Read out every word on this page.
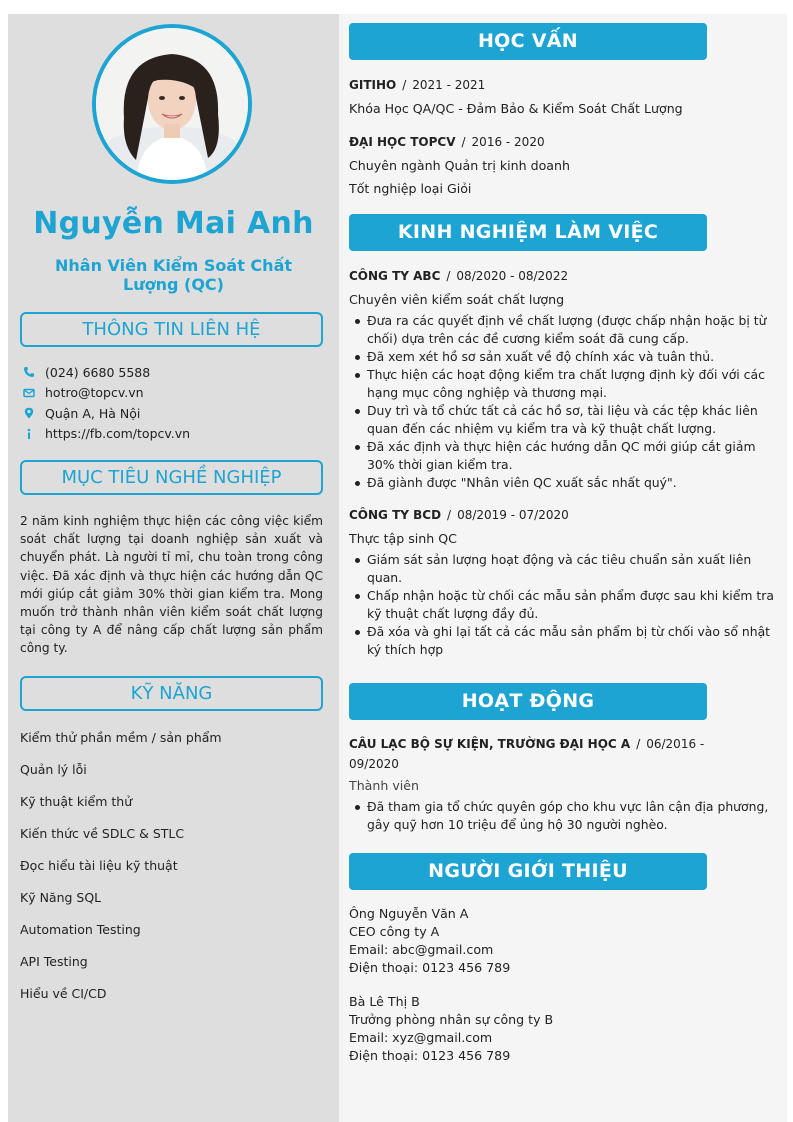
Nguyễn Mai Anh
Nhân Viên Kiểm Soát Chất Lượng (QC)
THÔNG TIN LIÊN HỆ
(024) 6680 5588
hotro@topcv.vn
Quận A, Hà Nội
https://fb.com/topcv.vn
MỤC TIÊU NGHỀ NGHIỆP
2 năm kinh nghiệm thực hiện các công việc kiểm soát chất lượng tại doanh nghiệp sản xuất và chuyển phát. Là người tỉ mỉ, chu toàn trong công việc. Đã xác định và thực hiện các hướng dẫn QC mới giúp cắt giảm 30% thời gian kiểm tra. Mong muốn trở thành nhân viên kiểm soát chất lượng tại công ty A để nâng cấp chất lượng sản phẩm công ty.
KỸ NĂNG
Kiểm thử phần mềm / sản phẩm
Quản lý lỗi
Kỹ thuật kiểm thử
Kiến thức về SDLC & STLC
Đọc hiểu tài liệu kỹ thuật
Kỹ Năng SQL
Automation Testing
API Testing
Hiểu về CI/CD
HỌC VẤN
GITIHO / 2021 - 2021
Khóa Học QA/QC - Đảm Bảo & Kiểm Soát Chất Lượng
ĐẠI HỌC TOPCV / 2016 - 2020
Chuyên ngành Quản trị kinh doanh
Tốt nghiệp loại Giỏi
KINH NGHIỆM LÀM VIỆC
CÔNG TY ABC / 08/2020 - 08/2022
Chuyên viên kiểm soát chất lượng
Đưa ra các quyết định về chất lượng (được chấp nhận hoặc bị từ chối) dựa trên các đề cương kiểm soát đã cung cấp.
Đã xem xét hồ sơ sản xuất về độ chính xác và tuân thủ.
Thực hiện các hoạt động kiểm tra chất lượng định kỳ đối với các hạng mục công nghiệp và thương mại.
Duy trì và tổ chức tất cả các hồ sơ, tài liệu và các tệp khác liên quan đến các nhiệm vụ kiểm tra và kỹ thuật chất lượng.
Đã xác định và thực hiện các hướng dẫn QC mới giúp cắt giảm 30% thời gian kiểm tra.
Đã giành được "Nhân viên QC xuất sắc nhất quý".
CÔNG TY BCD / 08/2019 - 07/2020
Thực tập sinh QC
Giám sát sản lượng hoạt động và các tiêu chuẩn sản xuất liên quan.
Chấp nhận hoặc từ chối các mẫu sản phẩm được sau khi kiểm tra kỹ thuật chất lượng đầy đủ.
Đã xóa và ghi lại tất cả các mẫu sản phẩm bị từ chối vào sổ nhật ký thích hợp
HOẠT ĐỘNG
CÂU LẠC BỘ SỰ KIỆN, TRƯỜNG ĐẠI HỌC A / 06/2016 -
09/2020
Thành viên
Đã tham gia tổ chức quyên góp cho khu vực lân cận địa phương, gây quỹ hơn 10 triệu để ủng hộ 30 người nghèo.
NGƯỜI GIỚI THIỆU
Ông Nguyễn Văn A
CEO công ty A
Email: abc@gmail.com
Điện thoại: 0123 456 789
Bà Lê Thị B
Trưởng phòng nhân sự công ty B
Email: xyz@gmail.com
Điện thoại: 0123 456 789
